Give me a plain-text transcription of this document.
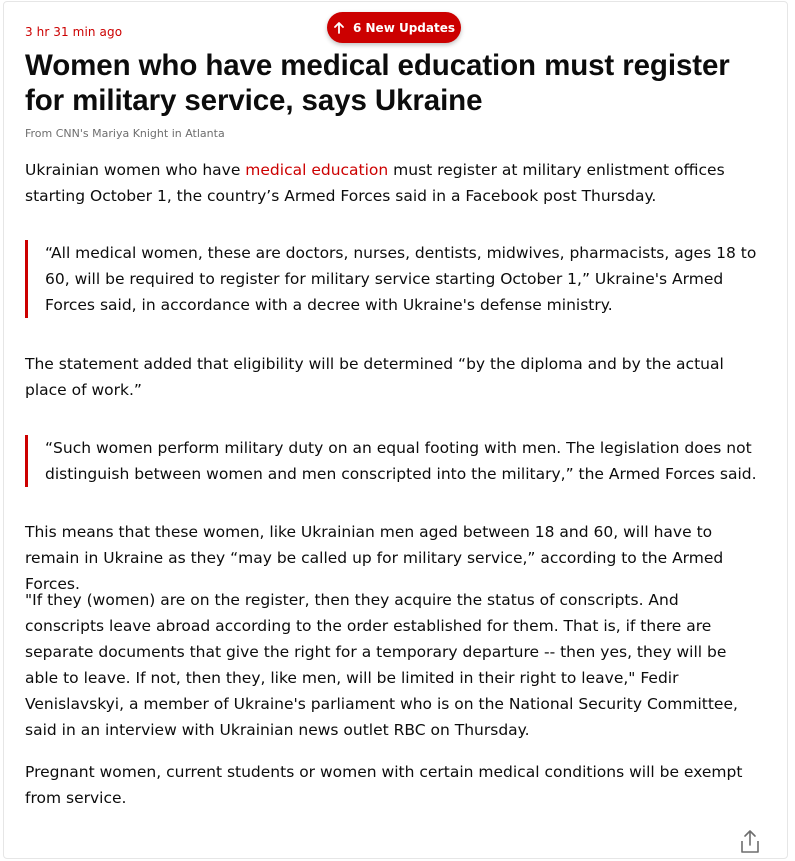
3 hr 31 min ago	6 New Updates
Women who have medical education must register for military service, says Ukraine
From CNN's Mariya Knight in Atlanta

Ukrainian women who have medical education must register at military enlistment offices starting October 1, the country’s Armed Forces said in a Facebook post Thursday.

“All medical women, these are doctors, nurses, dentists, midwives, pharmacists, ages 18 to 60, will be required to register for military service starting October 1,” Ukraine's Armed Forces said, in accordance with a decree with Ukraine's defense ministry.

The statement added that eligibility will be determined “by the diploma and by the actual place of work.”

“Such women perform military duty on an equal footing with men. The legislation does not distinguish between women and men conscripted into the military,” the Armed Forces said.

This means that these women, like Ukrainian men aged between 18 and 60, will have to remain in Ukraine as they “may be called up for military service,” according to the Armed Forces.

"If they (women) are on the register, then they acquire the status of conscripts. And conscripts leave abroad according to the order established for them. That is, if there are separate documents that give the right for a temporary departure -- then yes, they will be able to leave. If not, then they, like men, will be limited in their right to leave," Fedir Venislavskyi, a member of Ukraine's parliament who is on the National Security Committee, said in an interview with Ukrainian news outlet RBC on Thursday.

Pregnant women, current students or women with certain medical conditions will be exempt from service.
